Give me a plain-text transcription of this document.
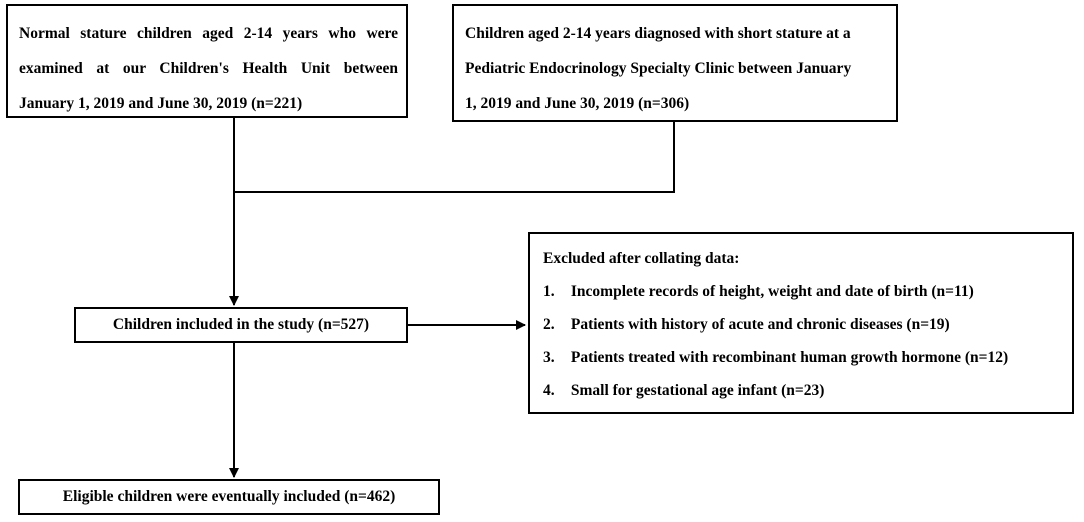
Normal stature children aged 2-14 years who were
examined at our Children's Health Unit between
January 1, 2019 and June 30, 2019 (n=221)
Children aged 2-14 years diagnosed with short stature at a
Pediatric Endocrinology Specialty Clinic between January
1, 2019 and June 30, 2019 (n=306)
Children included in the study (n=527)
Excluded after collating data:
1. Incomplete records of height, weight and date of birth (n=11)
2. Patients with history of acute and chronic diseases (n=19)
3. Patients treated with recombinant human growth hormone (n=12)
4. Small for gestational age infant (n=23)
Eligible children were eventually included (n=462)
